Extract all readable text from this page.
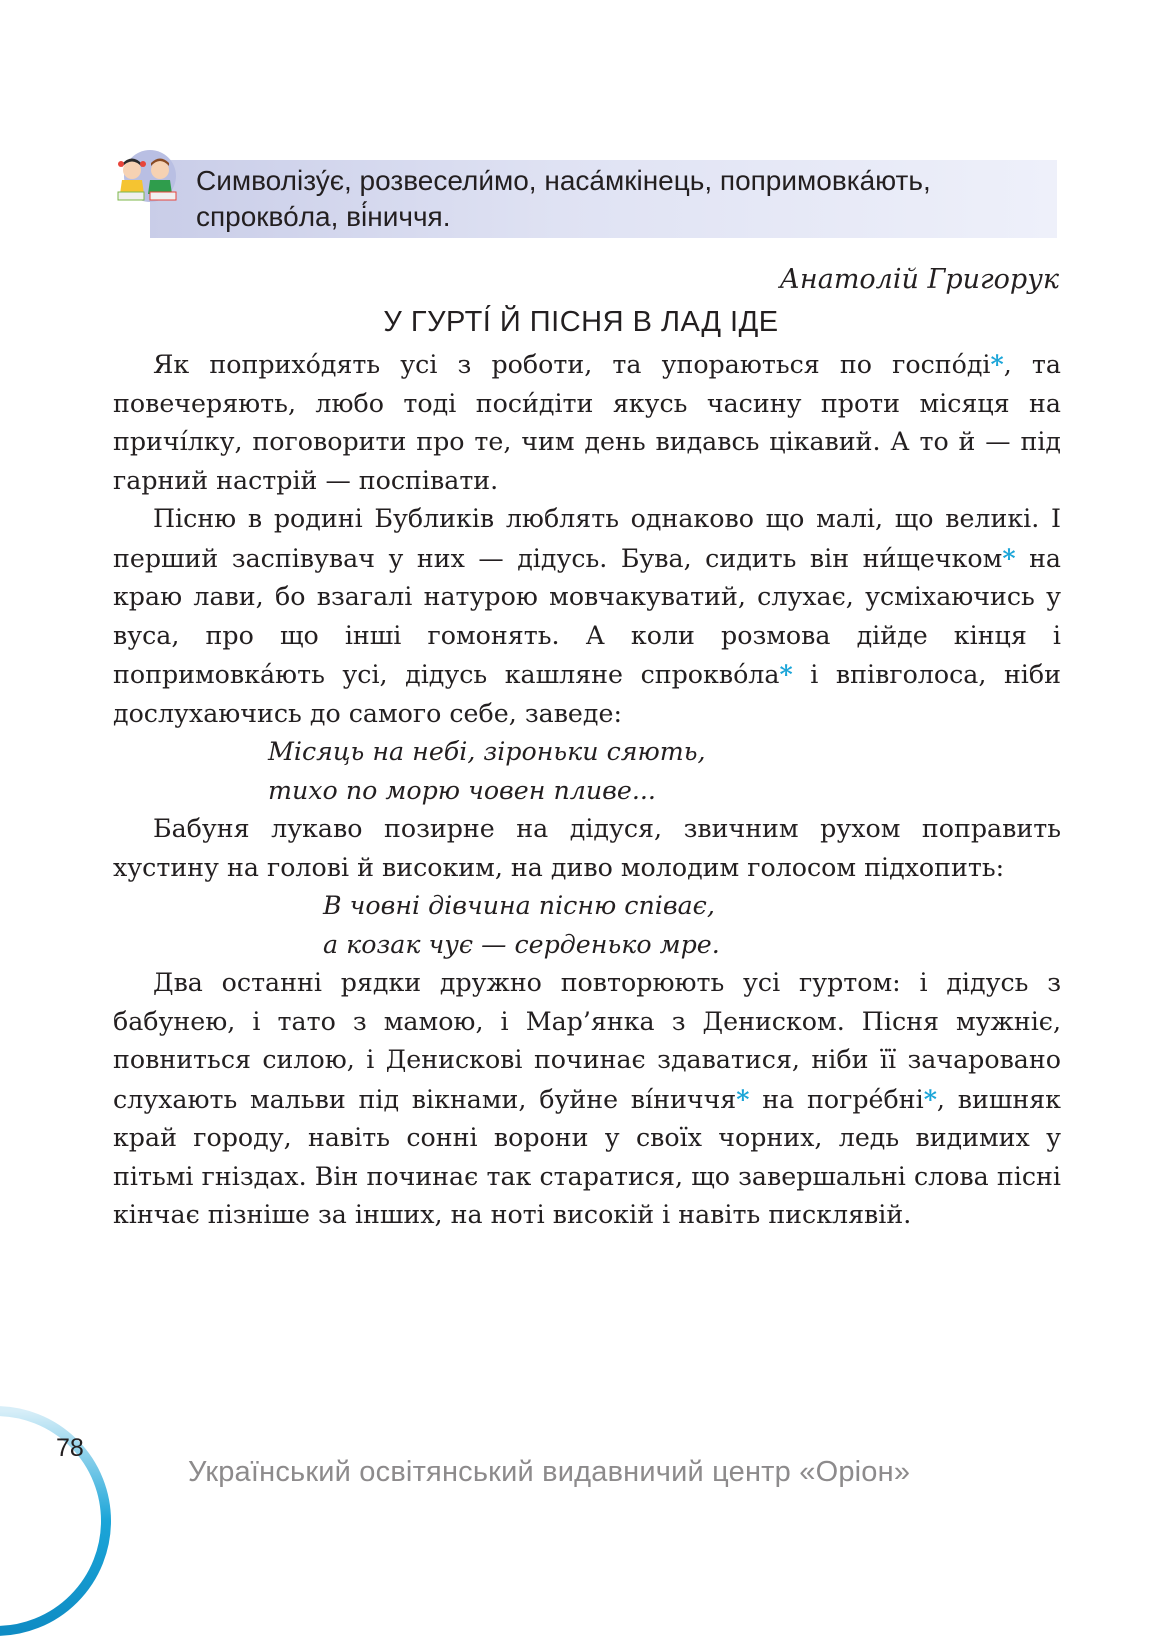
Символізу́є, розвесели́мо, наса́мкінець, попримовка́ють,
спрокво́ла, ві́ниччя.
Анатолій Григорук
У ГУРТІ́ Й ПІСНЯ В ЛАД ІДЕ

Як поприхо́дять усі з роботи, та упораються по госпо́ді*, та повечеряють, любо тоді поси́діти якусь часину проти місяця на причі́лку, поговорити про те, чим день видавсь цікавий. А то й — під гарний настрій — поспівати.

Пісню в родині Бубликів люблять однаково що малі, що великі. І перший заспівувач у них — дідусь. Бува, сидить він ни́щечком* на краю лави, бо взагалі натурою мовчакуватий, слухає, усміхаючись у вуса, про що інші гомонять. А коли розмова дійде кінця і попримовка́ють усі, дідусь кашляне спрокво́ла* і впівголоса, ніби дослухаючись до самого себе, заведе:

Місяць на небі, зіроньки сяють,
тихо по морю човен пливе...

Бабуня лукаво позирне на дідуся, звичним рухом поправить хустину на голові й високим, на диво молодим голосом підхопить:

В човні дівчина пісню співає,
а козак чує — серденько мре.

Два останні рядки дружно повторюють усі гуртом: і дідусь з бабунею, і тато з мамою, і Мар’янка з Дениском. Пісня мужніє, повниться силою, і Денискові починає здаватися, ніби її зачаровано слухають мальви під вікнами, буйне ві́ниччя* на погре́бні*, вишняк край городу, навіть сонні ворони у своїх чорних, ледь видимих у пітьмі гніздах. Він починає так старатися, що завершальні слова пісні кінчає пізніше за інших, на ноті високій і навіть писклявій.

78
Український освітянський видавничий центр «Оріон»
